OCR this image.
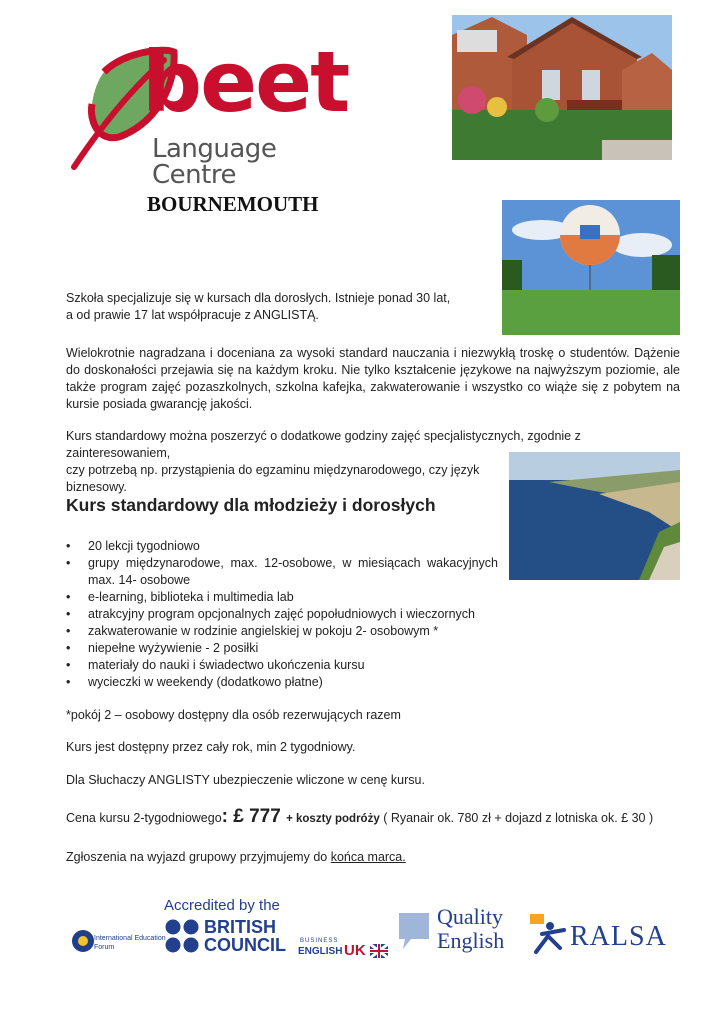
beet
Language Centre
BOURNEMOUTH
Szkoła specjalizuje się w kursach dla dorosłych. Istnieje ponad 30 lat,
a od prawie 17 lat współpracuje z ANGLISTĄ.

Wielokrotnie nagradzana i doceniana za wysoki standard nauczania i niezwykłą troskę o studentów. Dążenie do doskonałości przejawia się na każdym kroku. Nie tylko kształcenie językowe na najwyższym poziomie, ale także program zajęć pozaszkolnych, szkolna kafejka, zakwaterowanie i wszystko co wiąże się z pobytem na kursie posiada gwarancję jakości.

Kurs standardowy można poszerzyć o dodatkowe godziny zajęć specjalistycznych, zgodnie z zainteresowaniem,
czy potrzebą np. przystąpienia do egzaminu międzynarodowego, czy język
biznesowy.
Kurs standardowy dla młodzieży i dorosłych
• 20 lekcji tygodniowo
• grupy międzynarodowe, max. 12-osobowe, w miesiącach wakacyjnych max. 14- osobowe
• e-learning, biblioteka i multimedia lab
• atrakcyjny program opcjonalnych zajęć popołudniowych i wieczornych
• zakwaterowanie w rodzinie angielskiej w pokoju 2- osobowym *
• niepełne wyżywienie - 2 posiłki
• materiały do nauki i świadectwo ukończenia kursu
• wycieczki w weekendy (dodatkowo płatne)

*pokój 2 – osobowy dostępny dla osób rezerwujących razem

Kurs jest dostępny przez cały rok, min 2 tygodniowy.

Dla Słuchaczy ANGLISTY ubezpieczenie wliczone w cenę kursu.

Cena kursu 2-tygodniowego: £ 777 + koszty podróży ( Ryanair ok. 780 zł + dojazd z lotniska ok. £ 30 )

Zgłoszenia na wyjazd grupowy przyjmujemy do końca marca.

International Education Forum
Accredited by the
BRITISH
COUNCIL BUSINESS
ENGLISH UK
Quality
English RALSA
